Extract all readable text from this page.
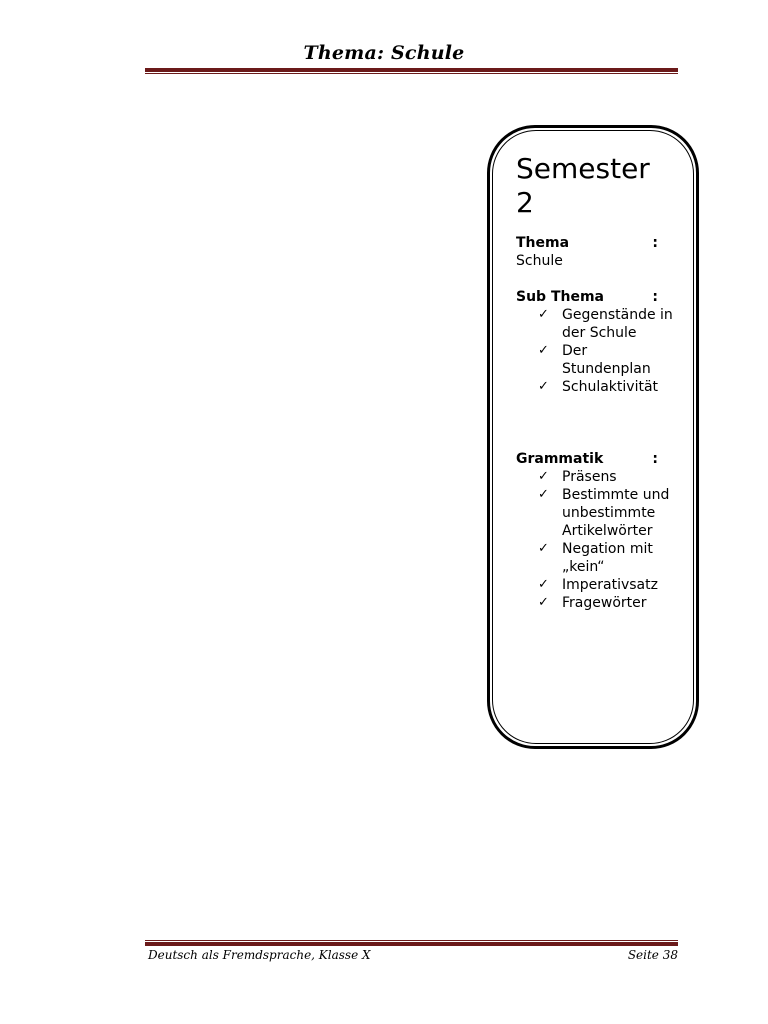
Thema: Schule
Semester 2
Thema	:
Schule
Sub Thema	:
✓ Gegenstände in der Schule
✓ Der Stundenplan
✓ Schulaktivität
Grammatik	:
✓ Präsens
✓ Bestimmte und unbestimmte Artikelwörter
✓ Negation mit „kein“
✓ Imperativsatz
✓ Fragewörter
Deutsch als Fremdsprache, Klasse X	Seite 38
